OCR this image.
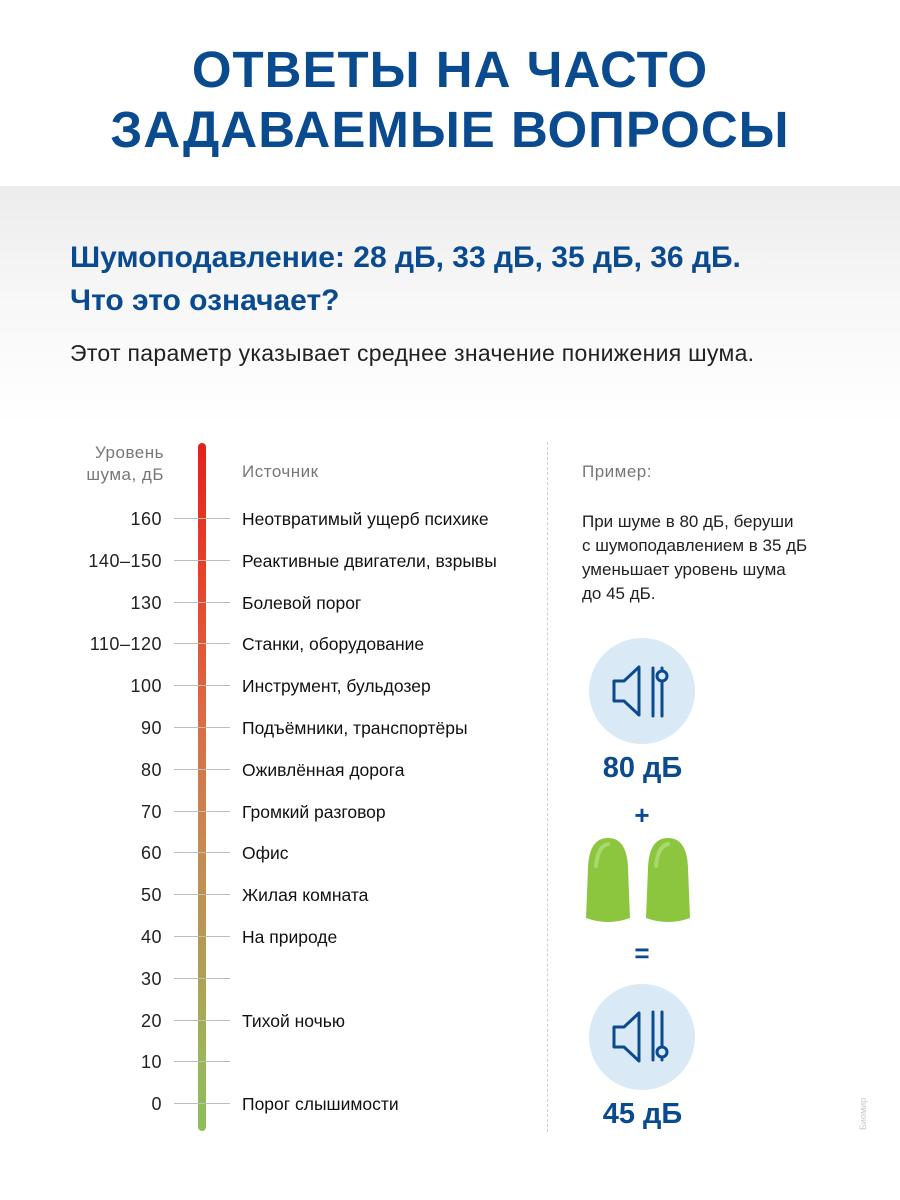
ОТВЕТЫ НА ЧАСТО
ЗАДАВАЕМЫЕ ВОПРОСЫ
Шумоподавление: 28 дБ, 33 дБ, 35 дБ, 36 дБ.
Что это означает?
Этот параметр указывает среднее значение понижения шума.
Уровень
шума, дБ	Источник
160	Неотвратимый ущерб психике
140–150	Реактивные двигатели, взрывы
130	Болевой порог
110–120	Станки, оборудование
100	Инструмент, бульдозер
90	Подъёмники, транспортёры
80	Оживлённая дорога
70	Громкий разговор
60	Офис
50	Жилая комната
40	На природе
30
20	Тихой ночью
10
0	Порог слышимости
Пример:
При шуме в 80 дБ, беруши
с шумоподавлением в 35 дБ
уменьшает уровень шума
до 45 дБ.
80 дБ
+
=
45 дБ	Биомир
